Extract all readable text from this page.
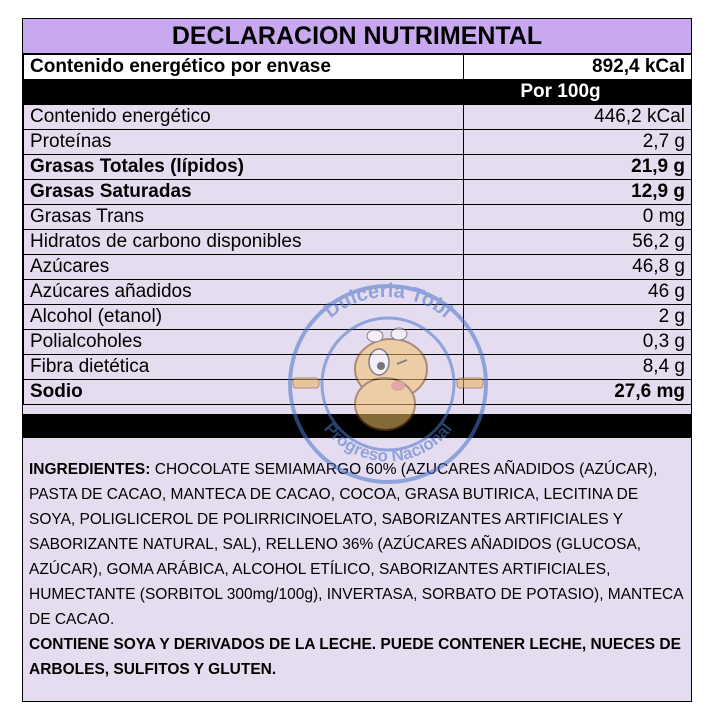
DECLARACION NUTRIMENTAL
Contenido energético por envase	892,4 kCal
	Por 100g
Contenido energético	446,2 kCal
Proteínas	2,7 g
Grasas Totales (lípidos)	21,9 g
Grasas Saturadas	12,9 g
Grasas Trans	0 mg
Hidratos de carbono disponibles	56,2 g
Azúcares	46,8 g
Azúcares añadidos	46 g
Alcohol (etanol)	2 g
Polialcoholes	0,3 g
Fibra dietética	8,4 g
Sodio	27,6 mg
INGREDIENTES: CHOCOLATE SEMIAMARGO 60% (AZUCARES AÑADIDOS (AZÚCAR), PASTA DE CACAO, MANTECA DE CACAO, COCOA, GRASA BUTIRICA, LECITINA DE SOYA, POLIGLICEROL DE POLIRRICINOELATO, SABORIZANTES ARTIFICIALES Y SABORIZANTE NATURAL, SAL), RELLENO 36% (AZÚCARES AÑADIDOS (GLUCOSA, AZÚCAR), GOMA ARÁBICA, ALCOHOL ETÍLICO, SABORIZANTES ARTIFICIALES, HUMECTANTE (SORBITOL 300mg/100g), INVERTASA, SORBATO DE POTASIO), MANTECA DE CACAO.
CONTIENE SOYA Y DERIVADOS DE LA LECHE. PUEDE CONTENER LECHE, NUECES DE ARBOLES, SULFITOS Y GLUTEN.
Dulceria Tobi
Progreso Nacional
